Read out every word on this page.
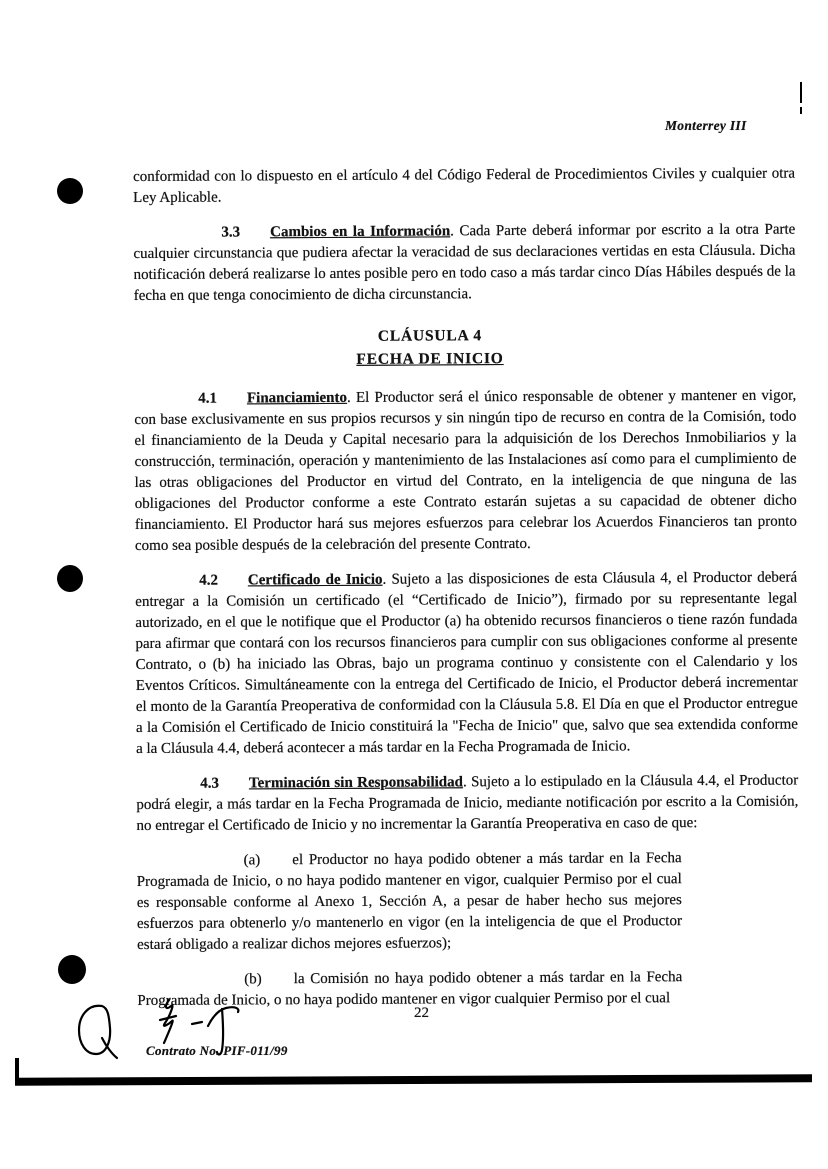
Monterrey III

conformidad con lo dispuesto en el artículo 4 del Código Federal de Procedimientos Civiles y cualquier otra Ley Aplicable.

3.3 Cambios en la Información. Cada Parte deberá informar por escrito a la otra Parte cualquier circunstancia que pudiera afectar la veracidad de sus declaraciones vertidas en esta Cláusula. Dicha notificación deberá realizarse lo antes posible pero en todo caso a más tardar cinco Días Hábiles después de la fecha en que tenga conocimiento de dicha circunstancia.

CLÁUSULA 4
FECHA DE INICIO

4.1 Financiamiento. El Productor será el único responsable de obtener y mantener en vigor, con base exclusivamente en sus propios recursos y sin ningún tipo de recurso en contra de la Comisión, todo el financiamiento de la Deuda y Capital necesario para la adquisición de los Derechos Inmobiliarios y la construcción, terminación, operación y mantenimiento de las Instalaciones así como para el cumplimiento de las otras obligaciones del Productor en virtud del Contrato, en la inteligencia de que ninguna de las obligaciones del Productor conforme a este Contrato estarán sujetas a su capacidad de obtener dicho financiamiento. El Productor hará sus mejores esfuerzos para celebrar los Acuerdos Financieros tan pronto como sea posible después de la celebración del presente Contrato.

4.2 Certificado de Inicio. Sujeto a las disposiciones de esta Cláusula 4, el Productor deberá entregar a la Comisión un certificado (el “Certificado de Inicio”), firmado por su representante legal autorizado, en el que le notifique que el Productor (a) ha obtenido recursos financieros o tiene razón fundada para afirmar que contará con los recursos financieros para cumplir con sus obligaciones conforme al presente Contrato, o (b) ha iniciado las Obras, bajo un programa continuo y consistente con el Calendario y los Eventos Críticos. Simultáneamente con la entrega del Certificado de Inicio, el Productor deberá incrementar el monto de la Garantía Preoperativa de conformidad con la Cláusula 5.8. El Día en que el Productor entregue a la Comisión el Certificado de Inicio constituirá la "Fecha de Inicio" que, salvo que sea extendida conforme a la Cláusula 4.4, deberá acontecer a más tardar en la Fecha Programada de Inicio.

4.3 Terminación sin Responsabilidad. Sujeto a lo estipulado en la Cláusula 4.4, el Productor podrá elegir, a más tardar en la Fecha Programada de Inicio, mediante notificación por escrito a la Comisión, no entregar el Certificado de Inicio y no incrementar la Garantía Preoperativa en caso de que:

(a) el Productor no haya podido obtener a más tardar en la Fecha Programada de Inicio, o no haya podido mantener en vigor, cualquier Permiso por el cual es responsable conforme al Anexo 1, Sección A, a pesar de haber hecho sus mejores esfuerzos para obtenerlo y/o mantenerlo en vigor (en la inteligencia de que el Productor estará obligado a realizar dichos mejores esfuerzos);

(b) la Comisión no haya podido obtener a más tardar en la Fecha Programada de Inicio, o no haya podido mantener en vigor cualquier Permiso por el cual

22
Contrato No. PIF-011/99
